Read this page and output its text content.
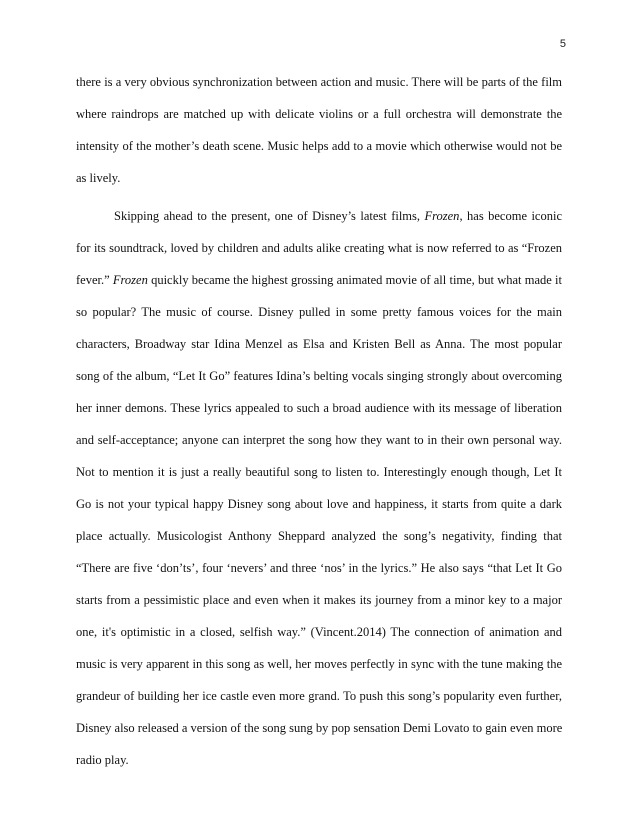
5
there is a very obvious synchronization between action and music. There will be parts of the film
where raindrops are matched up with delicate violins or a full orchestra will demonstrate the
intensity of the mother’s death scene. Music helps add to a movie which otherwise would not be
as lively.
Skipping ahead to the present, one of Disney’s latest films, Frozen, has become iconic
for its soundtrack, loved by children and adults alike creating what is now referred to as “Frozen
fever.” Frozen quickly became the highest grossing animated movie of all time, but what made it
so popular? The music of course. Disney pulled in some pretty famous voices for the main
characters, Broadway star Idina Menzel as Elsa and Kristen Bell as Anna. The most popular
song of the album, “Let It Go” features Idina’s belting vocals singing strongly about overcoming
her inner demons. These lyrics appealed to such a broad audience with its message of liberation
and self-acceptance; anyone can interpret the song how they want to in their own personal way.
Not to mention it is just a really beautiful song to listen to. Interestingly enough though, Let It
Go is not your typical happy Disney song about love and happiness, it starts from quite a dark
place actually. Musicologist Anthony Sheppard analyzed the song’s negativity, finding that
“There are five ‘don’ts’, four ‘nevers’ and three ‘nos’ in the lyrics.” He also says “that Let It Go
starts from a pessimistic place and even when it makes its journey from a minor key to a major
one, it's optimistic in a closed, selfish way.” (Vincent.2014) The connection of animation and
music is very apparent in this song as well, her moves perfectly in sync with the tune making the
grandeur of building her ice castle even more grand. To push this song’s popularity even further,
Disney also released a version of the song sung by pop sensation Demi Lovato to gain even more
radio play.
